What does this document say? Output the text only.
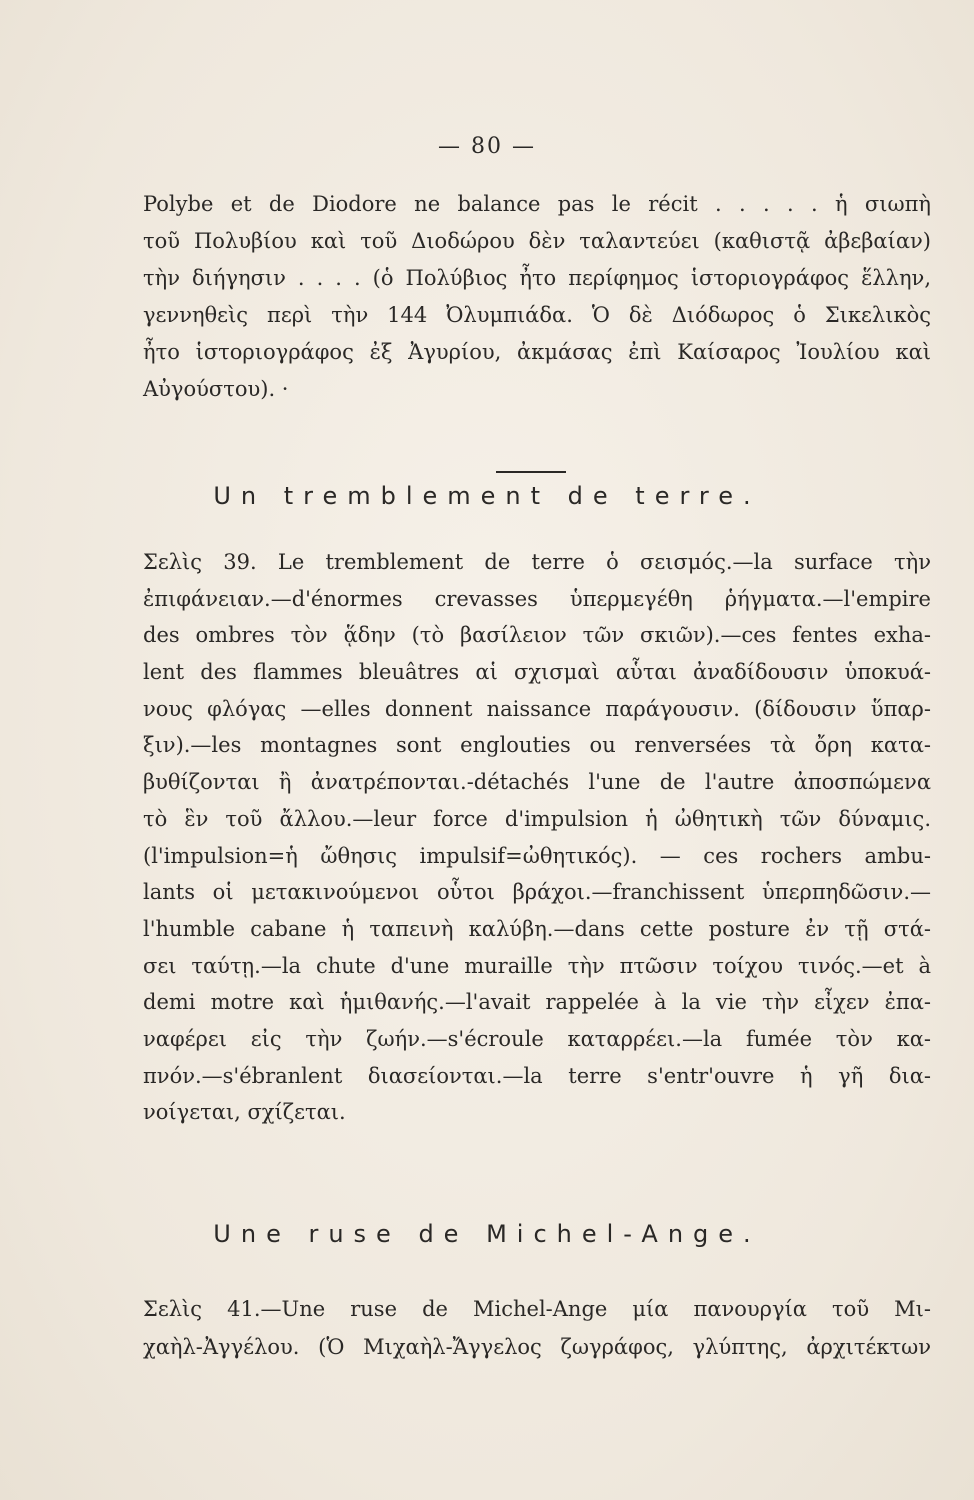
— 80 —
Polybe et de Diodore ne balance pas le récit . . . . . ἡ σιωπὴ
τοῦ Πολυβίου καὶ τοῦ Διοδώρου δὲν ταλαντεύει (καθιστᾷ ἀβεβαίαν)
τὴν διήγησιν . . . . (ὁ Πολύβιος ἦτο περίφημος ἱστοριογράφος ἕλλην,
γεννηθεὶς περὶ τὴν 144 Ὀλυμπιάδα. Ὁ δὲ Διόδωρος ὁ Σικελικὸς
ἦτο ἱστοριογράφος ἐξ Ἀγυρίου, ἀκμάσας ἐπὶ Καίσαρος Ἰουλίου καὶ
Αὐγούστου). ·
Un tremblement de terre.
Σελὶς 39. Le tremblement de terre ὁ σεισμός.—la surface τὴν
ἐπιφάνειαν.—d'énormes crevasses ὑπερμεγέθη ῥήγματα.—l'empire
des ombres τὸν ᾅδην (τὸ βασίλειον τῶν σκιῶν).—ces fentes exha-
lent des flammes bleuâtres αἱ σχισμαὶ αὗται ἀναδίδουσιν ὑποκυά-
νους φλόγας —elles donnent naissance παράγουσιν. (δίδουσιν ὕπαρ-
ξιν).—les montagnes sont englouties ou renversées τὰ ὄρη κατα-
βυθίζονται ἢ ἀνατρέπονται.-détachés l'une de l'autre ἀποσπώμενα
τὸ ἓν τοῦ ἄλλου.—leur force d'impulsion ἡ ὠθητικὴ τῶν δύναμις.
(l'impulsion=ἡ ὤθησις impulsif=ὠθητικός). — ces rochers ambu-
lants οἱ μετακινούμενοι οὗτοι βράχοι.—franchissent ὑπερπηδῶσιν.—
l'humble cabane ἡ ταπεινὴ καλύβη.—dans cette posture ἐν τῇ στά-
σει ταύτῃ.—la chute d'une muraille τὴν πτῶσιν τοίχου τινός.—et à
demi motre καὶ ἡμιθανής.—l'avait rappelée à la vie τὴν εἶχεν ἐπα-
ναφέρει εἰς τὴν ζωήν.—s'écroule καταρρέει.—la fumée τὸν κα-
πνόν.—s'ébranlent διασείονται.—la terre s'entr'ouvre ἡ γῆ δια-
νοίγεται, σχίζεται.
Une ruse de Michel-Ange.
Σελὶς 41.—Une ruse de Michel-Ange μία πανουργία τοῦ Μι-
χαὴλ-Ἀγγέλου. (Ὁ Μιχαὴλ-Ἄγγελος ζωγράφος, γλύπτης, ἀρχιτέκτων
